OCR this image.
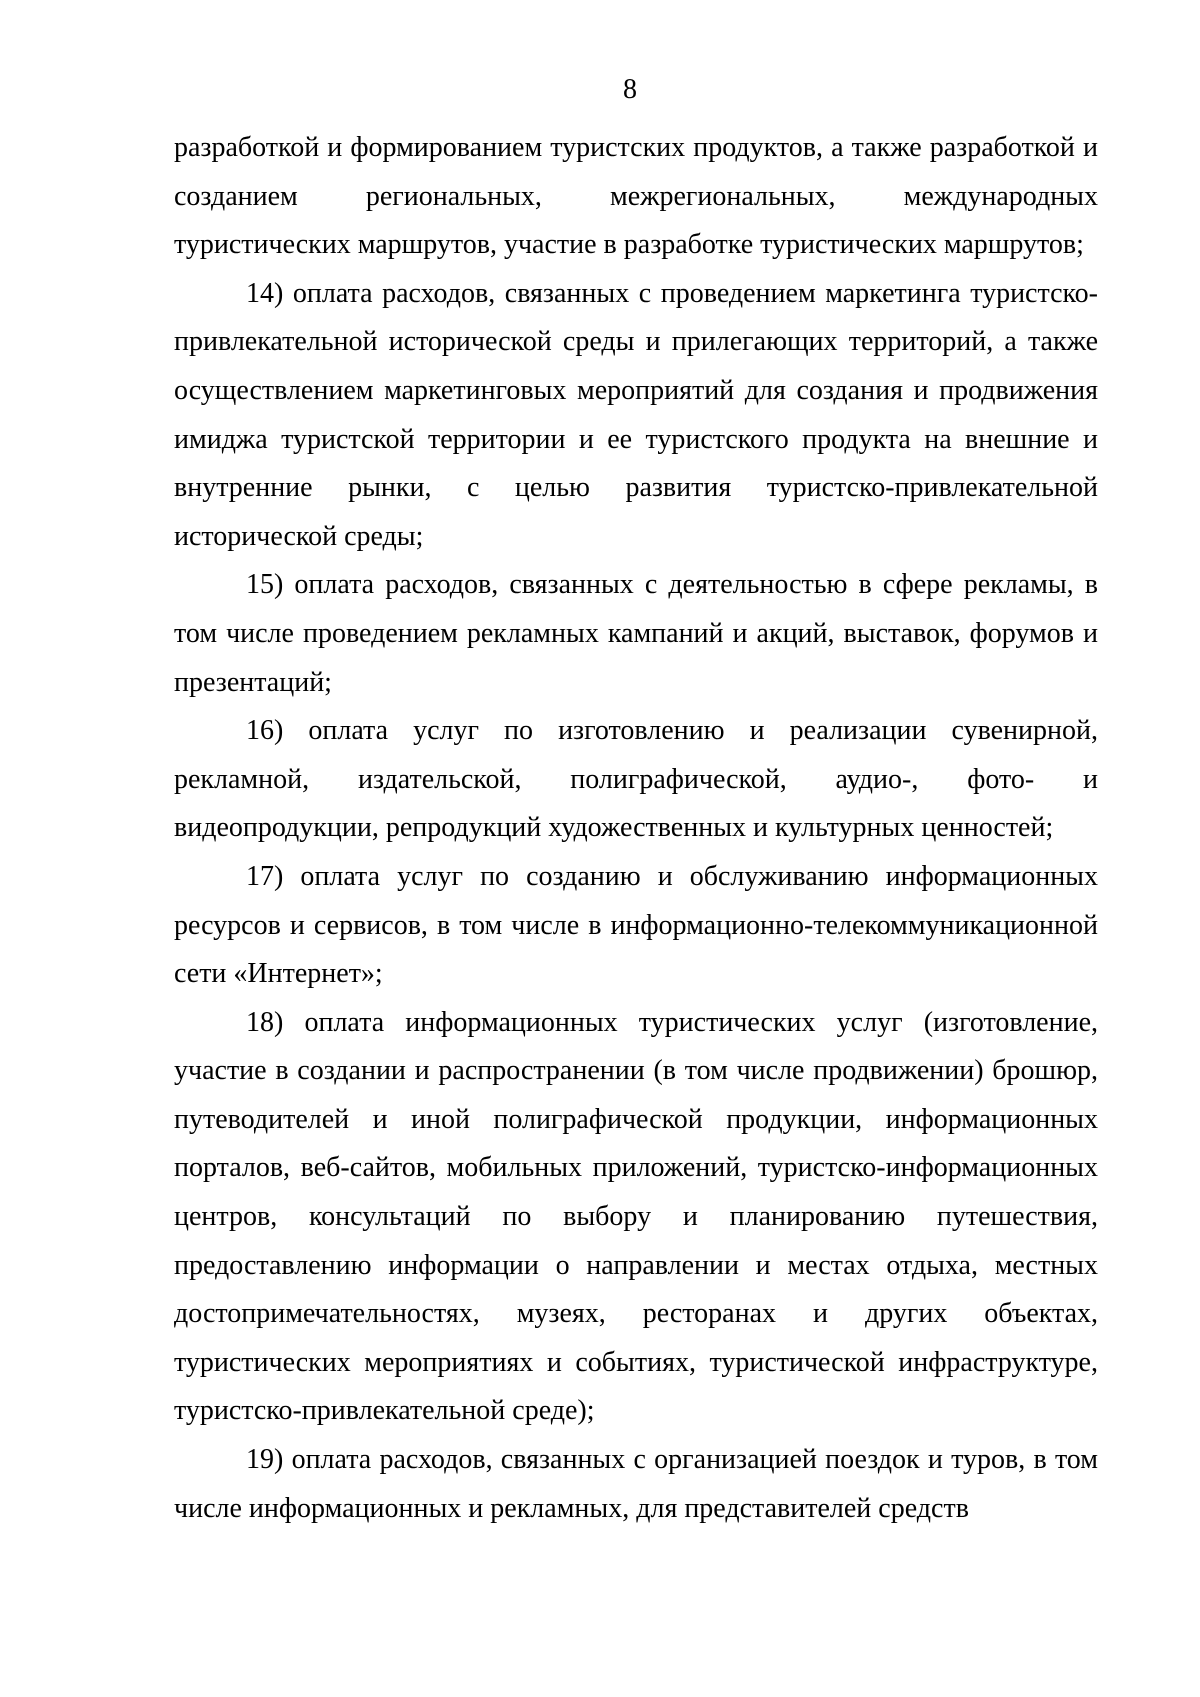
8

разработкой и формированием туристских продуктов, а также разработкой и созданием региональных, межрегиональных, международных туристических маршрутов, участие в разработке туристических маршрутов;

14) оплата расходов, связанных с проведением маркетинга туристско-привлекательной исторической среды и прилегающих территорий, а также осуществлением маркетинговых мероприятий для создания и продвижения имиджа туристской территории и ее туристского продукта на внешние и внутренние рынки, с целью развития туристско-привлекательной исторической среды;

15) оплата расходов, связанных с деятельностью в сфере рекламы, в том числе проведением рекламных кампаний и акций, выставок, форумов и презентаций;

16) оплата услуг по изготовлению и реализации сувенирной, рекламной, издательской, полиграфической, аудио-, фото- и видеопродукции, репродукций художественных и культурных ценностей;

17) оплата услуг по созданию и обслуживанию информационных ресурсов и сервисов, в том числе в информационно-телекоммуникационной сети «Интернет»;

18) оплата информационных туристических услуг (изготовление, участие в создании и распространении (в том числе продвижении) брошюр, путеводителей и иной полиграфической продукции, информационных порталов, веб-сайтов, мобильных приложений, туристско-информационных центров, консультаций по выбору и планированию путешествия, предоставлению информации о направлении и местах отдыха, местных достопримечательностях, музеях, ресторанах и других объектах, туристических мероприятиях и событиях, туристической инфраструктуре, туристско-привлекательной среде);

19) оплата расходов, связанных с организацией поездок и туров, в том числе информационных и рекламных, для представителей средств
